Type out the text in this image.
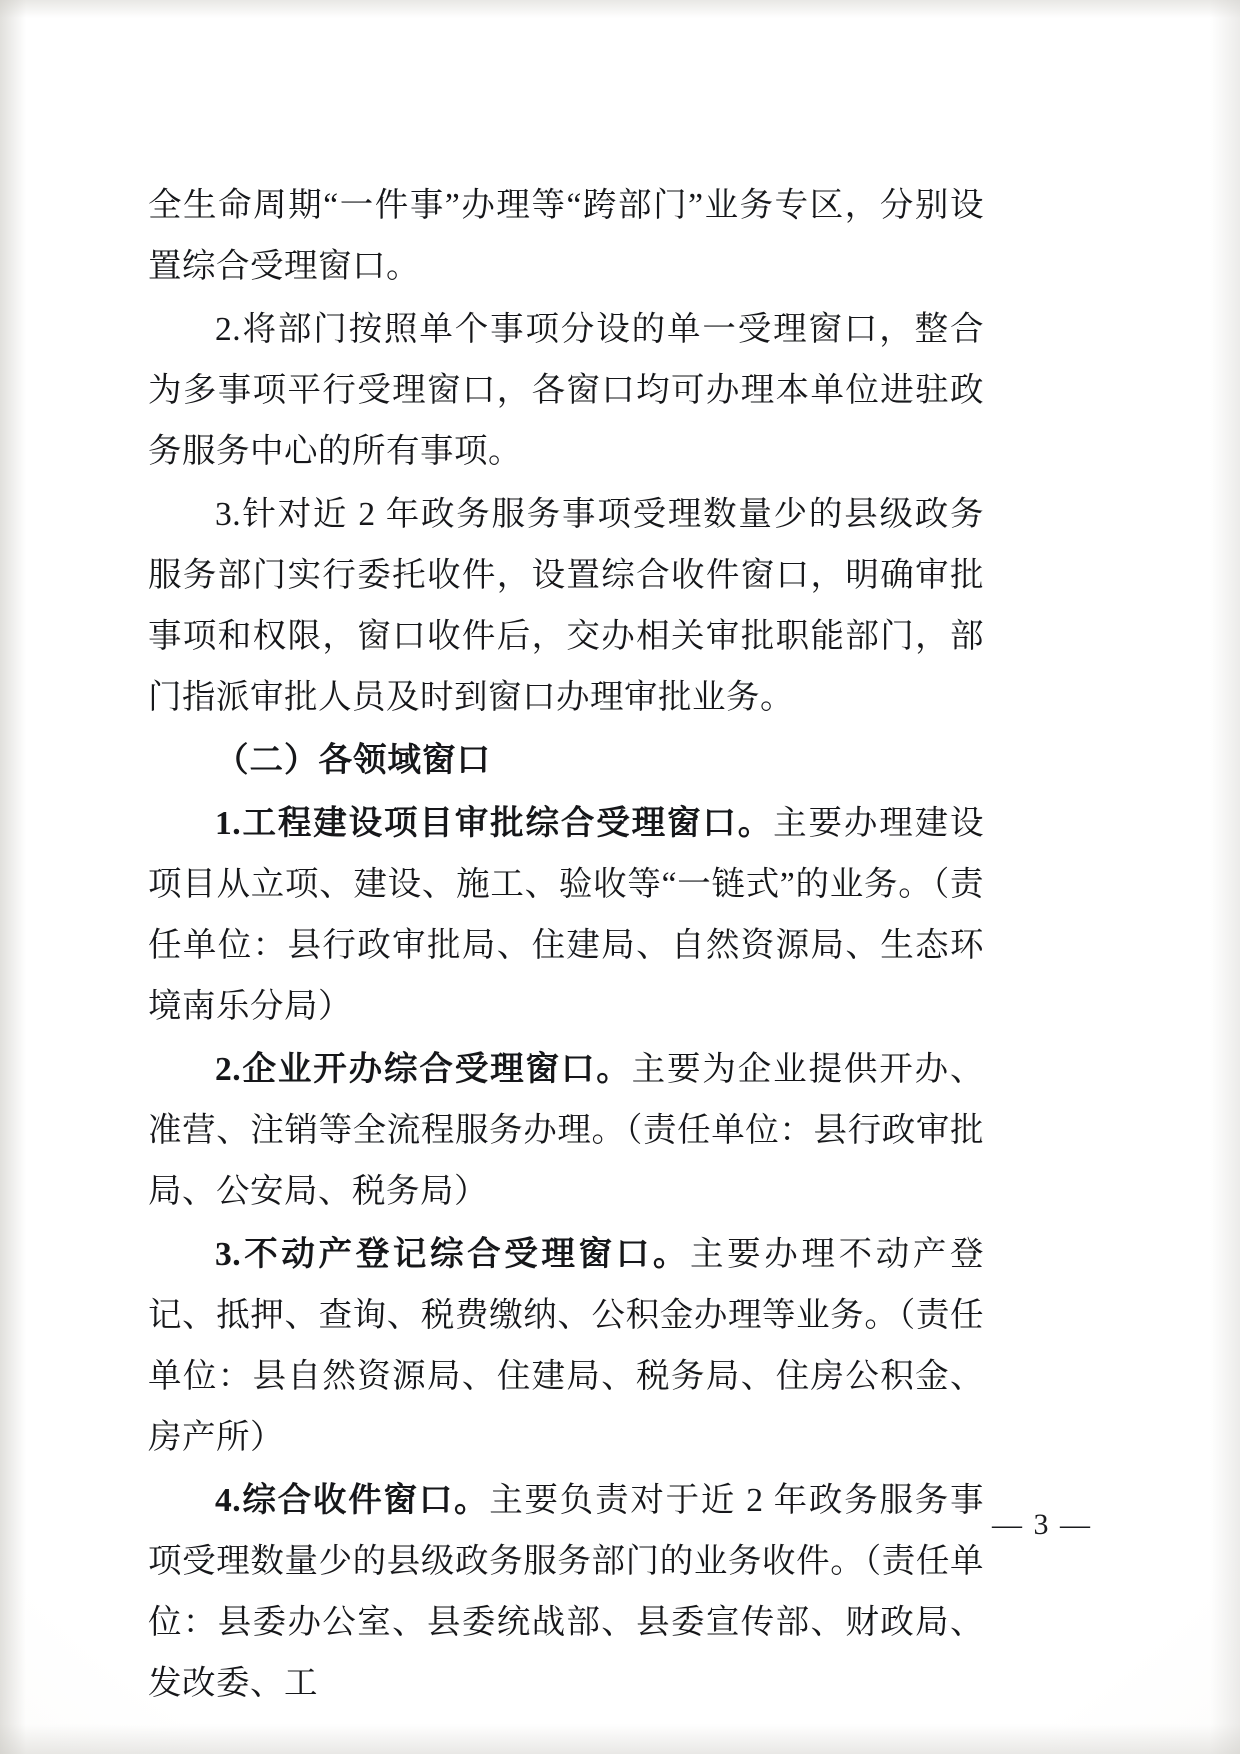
全生命周期“一件事”办理等“跨部门”业务专区，分别设置综合受理窗口。

2.将部门按照单个事项分设的单一受理窗口，整合为多事项平行受理窗口，各窗口均可办理本单位进驻政务服务中心的所有事项。

3.针对近 2 年政务服务事项受理数量少的县级政务服务部门实行委托收件，设置综合收件窗口，明确审批事项和权限，窗口收件后，交办相关审批职能部门，部门指派审批人员及时到窗口办理审批业务。

（二）各领域窗口

1.工程建设项目审批综合受理窗口。主要办理建设项目从立项、建设、施工、验收等“一链式”的业务。（责任单位：县行政审批局、住建局、自然资源局、生态环境南乐分局）

2.企业开办综合受理窗口。主要为企业提供开办、准营、注销等全流程服务办理。（责任单位：县行政审批局、公安局、税务局）

3.不动产登记综合受理窗口。主要办理不动产登记、抵押、查询、税费缴纳、公积金办理等业务。（责任单位：县自然资源局、住建局、税务局、住房公积金、房产所）

4.综合收件窗口。主要负责对于近 2 年政务服务事项受理数量少的县级政务服务部门的业务收件。（责任单位：县委办公室、县委统战部、县委宣传部、财政局、发改委、工

— 3 —
